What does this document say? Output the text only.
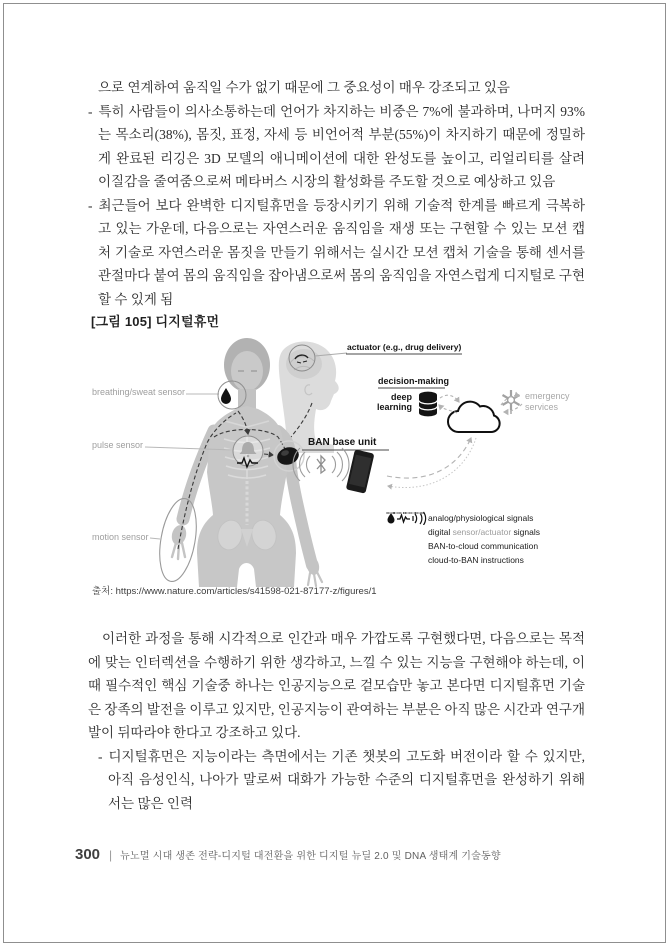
으로 연계하여 움직일 수가 없기 때문에 그 중요성이 매우 강조되고 있음

- 특히 사람들이 의사소통하는데 언어가 차지하는 비중은 7%에 불과하며, 나머지 93%는 목소리(38%), 몸짓, 표정, 자세 등 비언어적 부분(55%)이 차지하기 때문에 정밀하게 완료된 리깅은 3D 모델의 애니메이션에 대한 완성도를 높이고, 리얼리티를 살려 이질감을 줄여줌으로써 메타버스 시장의 활성화를 주도할 것으로 예상하고 있음

- 최근들어 보다 완벽한 디지털휴먼을 등장시키기 위해 기술적 한계를 빠르게 극복하고 있는 가운데, 다음으로는 자연스러운 움직임을 재생 또는 구현할 수 있는 모션 캡처 기술로 자연스러운 몸짓을 만들기 위해서는 실시간 모션 캡처 기술을 통해 센서를 관절마다 붙여 몸의 움직임을 잡아냄으로써 몸의 움직임을 자연스럽게 디지털로 구현할 수 있게 됨

[그림 105] 디지털휴먼
breathing/sweat sensor
pulse sensor
motion sensor
actuator (e.g., drug delivery)
decision-making
deep
learning
BAN base unit
emergency
services
analog/physiological signals
digital sensor/actuator signals
BAN-to-cloud communication
cloud-to-BAN instructions
출처: https://www.nature.com/articles/s41598-021-87177-z/figures/1

이러한 과정을 통해 시각적으로 인간과 매우 가깝도록 구현했다면, 다음으로는 목적에 맞는 인터렉션을 수행하기 위한 생각하고, 느낄 수 있는 지능을 구현해야 하는데, 이때 필수적인 핵심 기술중 하나는 인공지능으로 겉모습만 놓고 본다면 디지털휴먼 기술은 장족의 발전을 이루고 있지만, 인공지능이 관여하는 부분은 아직 많은 시간과 연구개발이 뒤따라야 한다고 강조하고 있다.

- 디지털휴먼은 지능이라는 측면에서는 기존 챗봇의 고도화 버전이라 할 수 있지만, 아직 음성인식, 나아가 말로써 대화가 가능한 수준의 디지털휴먼을 완성하기 위해서는 많은 인력

300 | 뉴노멀 시대 생존 전략-디지털 대전환을 위한 디지털 뉴딜 2.0 및 DNA 생태계 기술동향
